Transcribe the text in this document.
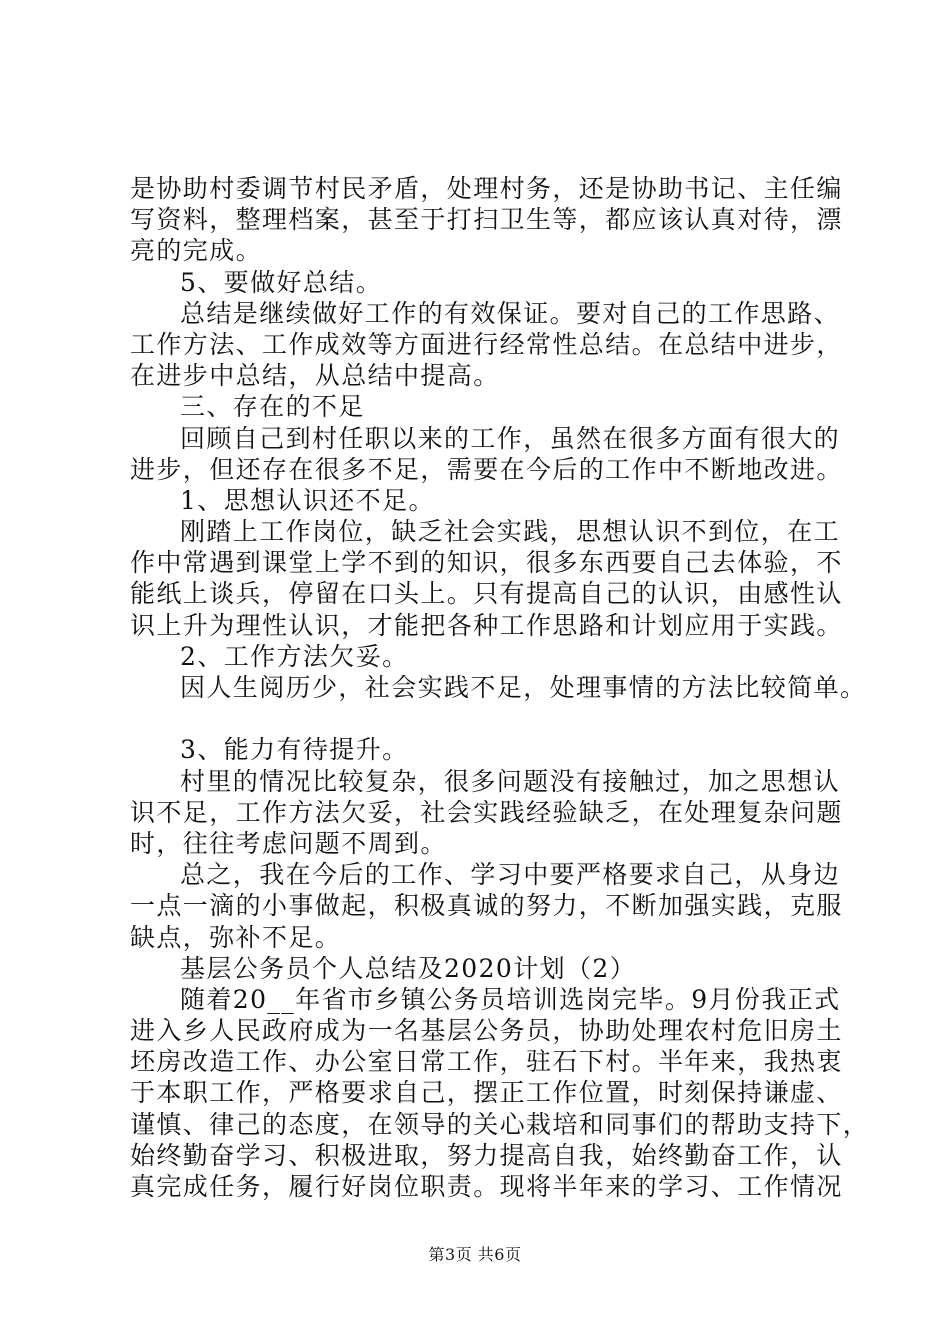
是协助村委调节村民矛盾，处理村务，还是协助书记、主任编
写资料，整理档案，甚至于打扫卫生等，都应该认真对待，漂
亮的完成。
5、要做好总结。
总结是继续做好工作的有效保证。要对自己的工作思路、
工作方法、工作成效等方面进行经常性总结。在总结中进步，
在进步中总结，从总结中提高。
三、存在的不足
回顾自己到村任职以来的工作，虽然在很多方面有很大的
进步，但还存在很多不足，需要在今后的工作中不断地改进。
1、思想认识还不足。
刚踏上工作岗位，缺乏社会实践，思想认识不到位，在工
作中常遇到课堂上学不到的知识，很多东西要自己去体验，不
能纸上谈兵，停留在口头上。只有提高自己的认识，由感性认
识上升为理性认识，才能把各种工作思路和计划应用于实践。
2、工作方法欠妥。
因人生阅历少，社会实践不足，处理事情的方法比较简单。
3、能力有待提升。
村里的情况比较复杂，很多问题没有接触过，加之思想认
识不足，工作方法欠妥，社会实践经验缺乏，在处理复杂问题
时，往往考虑问题不周到。
总之，我在今后的工作、学习中要严格要求自己，从身边
一点一滴的小事做起，积极真诚的努力，不断加强实践，克服
缺点，弥补不足。
基层公务员个人总结及2020计划（2）
随着20__年省市乡镇公务员培训选岗完毕。9月份我正式
进入乡人民政府成为一名基层公务员，协助处理农村危旧房土
坯房改造工作、办公室日常工作，驻石下村。半年来，我热衷
于本职工作，严格要求自己，摆正工作位置，时刻保持谦虚、
谨慎、律己的态度，在领导的关心栽培和同事们的帮助支持下，
始终勤奋学习、积极进取，努力提高自我，始终勤奋工作，认
真完成任务，履行好岗位职责。现将半年来的学习、工作情况
第3页 共6页
